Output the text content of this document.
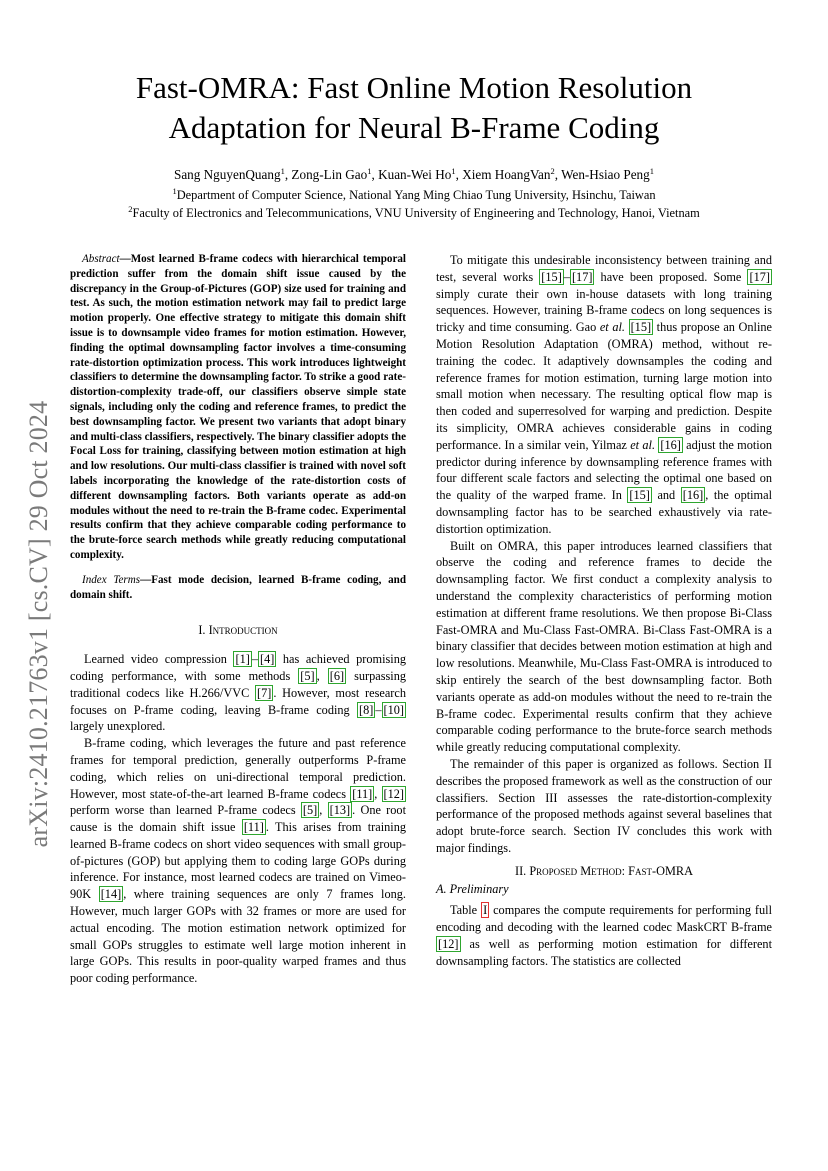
Fast-OMRA: Fast Online Motion Resolution
Adaptation for Neural B-Frame Coding
Sang NguyenQuang$^1$, Zong-Lin Gao$^1$, Kuan-Wei Ho$^1$, Xiem HoangVan$^2$, Wen-Hsiao Peng$^1$
$^1$Department of Computer Science, National Yang Ming Chiao Tung University, Hsinchu, Taiwan
$^2$Faculty of Electronics and Telecommunications, VNU University of Engineering and Technology, Hanoi, Vietnam
arXiv:2410.21763v1 [cs.CV] 29 Oct 2024

Abstract—Most learned B-frame codecs with hierarchical temporal prediction suffer from the domain shift issue caused by the discrepancy in the Group-of-Pictures (GOP) size used for training and test. As such, the motion estimation network may fail to predict large motion properly. One effective strategy to mitigate this domain shift issue is to downsample video frames for motion estimation. However, finding the optimal downsampling factor involves a time-consuming rate-distortion optimization process. This work introduces lightweight classifiers to determine the downsampling factor. To strike a good rate-distortion-complexity trade-off, our classifiers observe simple state signals, including only the coding and reference frames, to predict the best downsampling factor. We present two variants that adopt binary and multi-class classifiers, respectively. The binary classifier adopts the Focal Loss for training, classifying between motion estimation at high and low resolutions. Our multi-class classifier is trained with novel soft labels incorporating the knowledge of the rate-distortion costs of different downsampling factors. Both variants operate as add-on modules without the need to re-train the B-frame codec. Experimental results confirm that they achieve comparable coding performance to the brute-force search methods while greatly reducing computational complexity.

Index Terms—Fast mode decision, learned B-frame coding, and domain shift.

I. Introduction

Learned video compression [1] – [4] has achieved promising coding performance, with some methods [5] , [6] surpassing traditional codecs like H.266/VVC [7] . However, most research focuses on P-frame coding, leaving B-frame coding [8] – [10] largely unexplored.

B-frame coding, which leverages the future and past reference frames for temporal prediction, generally outperforms P-frame coding, which relies on uni-directional temporal prediction. However, most state-of-the-art learned B-frame codecs [11] , [12] perform worse than learned P-frame codecs [5] , [13] . One root cause is the domain shift issue [11] . This arises from training learned B-frame codecs on short video sequences with small group-of-pictures (GOP) but applying them to coding large GOPs during inference. For instance, most learned codecs are trained on Vimeo-90K [14] , where training sequences are only 7 frames long. However, much larger GOPs with 32 frames or more are used for actual encoding. The motion estimation network optimized for small GOPs struggles to estimate well large motion inherent in large GOPs. This results in poor-quality warped frames and thus poor coding performance.

To mitigate this undesirable inconsistency between training and test, several works [15] – [17] have been proposed. Some [17] simply curate their own in-house datasets with long training sequences. However, training B-frame codecs on long sequences is tricky and time consuming. Gao et al. [15] thus propose an Online Motion Resolution Adaptation (OMRA) method, without re-training the codec. It adaptively downsamples the coding and reference frames for motion estimation, turning large motion into small motion when necessary. The resulting optical flow map is then coded and superresolved for warping and prediction. Despite its simplicity, OMRA achieves considerable gains in coding performance. In a similar vein, Yilmaz et al. [16] adjust the motion predictor during inference by downsampling reference frames with four different scale factors and selecting the optimal one based on the quality of the warped frame. In [15] and [16] , the optimal downsampling factor has to be searched exhaustively via rate-distortion optimization.

Built on OMRA, this paper introduces learned classifiers that observe the coding and reference frames to decide the downsampling factor. We first conduct a complexity analysis to understand the complexity characteristics of performing motion estimation at different frame resolutions. We then propose Bi-Class Fast-OMRA and Mu-Class Fast-OMRA. Bi-Class Fast-OMRA is a binary classifier that decides between motion estimation at high and low resolutions. Meanwhile, Mu-Class Fast-OMRA is introduced to skip entirely the search of the best downsampling factor. Both variants operate as add-on modules without the need to re-train the B-frame codec. Experimental results confirm that they achieve comparable coding performance to the brute-force search methods while greatly reducing computational complexity.

The remainder of this paper is organized as follows. Section II describes the proposed framework as well as the construction of our classifiers. Section III assesses the rate-distortion-complexity performance of the proposed methods against several baselines that adopt brute-force search. Section IV concludes this work with major findings.

II. Proposed Method: Fast-OMRA
A. Preliminary

Table I compares the compute requirements for performing full encoding and decoding with the learned codec MaskCRT B-frame [12] as well as performing motion estimation for different downsampling factors. The statistics are collected
